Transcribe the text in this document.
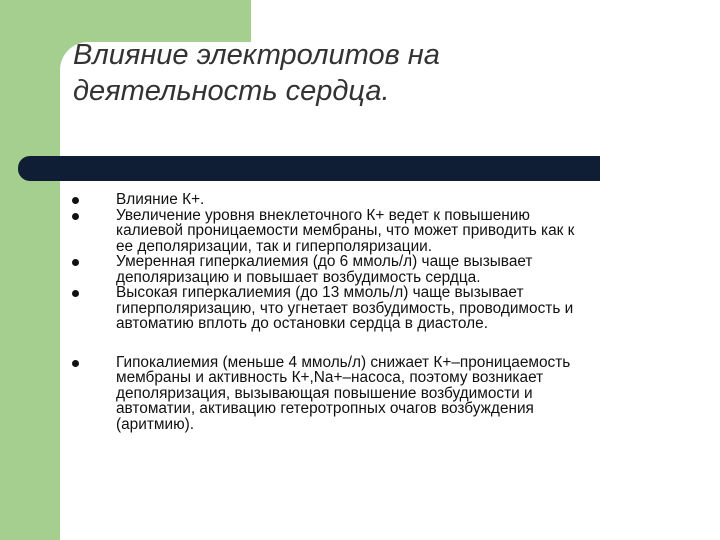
Влияние электролитов на
деятельность сердца.
Влияние К+.
Увеличение уровня внеклеточного К+ ведет к повышению
калиевой проницаемости мембраны, что может приводить как к
ее деполяризации, так и гиперполяризации.
Умеренная гиперкалиемия (до 6 ммоль/л) чаще вызывает
деполяризацию и повышает возбудимость сердца.
Высокая гиперкалиемия (до 13 ммоль/л) чаще вызывает
гиперполяризацию, что угнетает возбудимость, проводимость и
автоматию вплоть до остановки сердца в диастоле.
Гипокалиемия (меньше 4 ммоль/л) снижает К+–проницаемость
мембраны и активность К+,Na+–насоса, поэтому возникает
деполяризация, вызывающая повышение возбудимости и
автоматии, активацию гетеротропных очагов возбуждения
(аритмию).
